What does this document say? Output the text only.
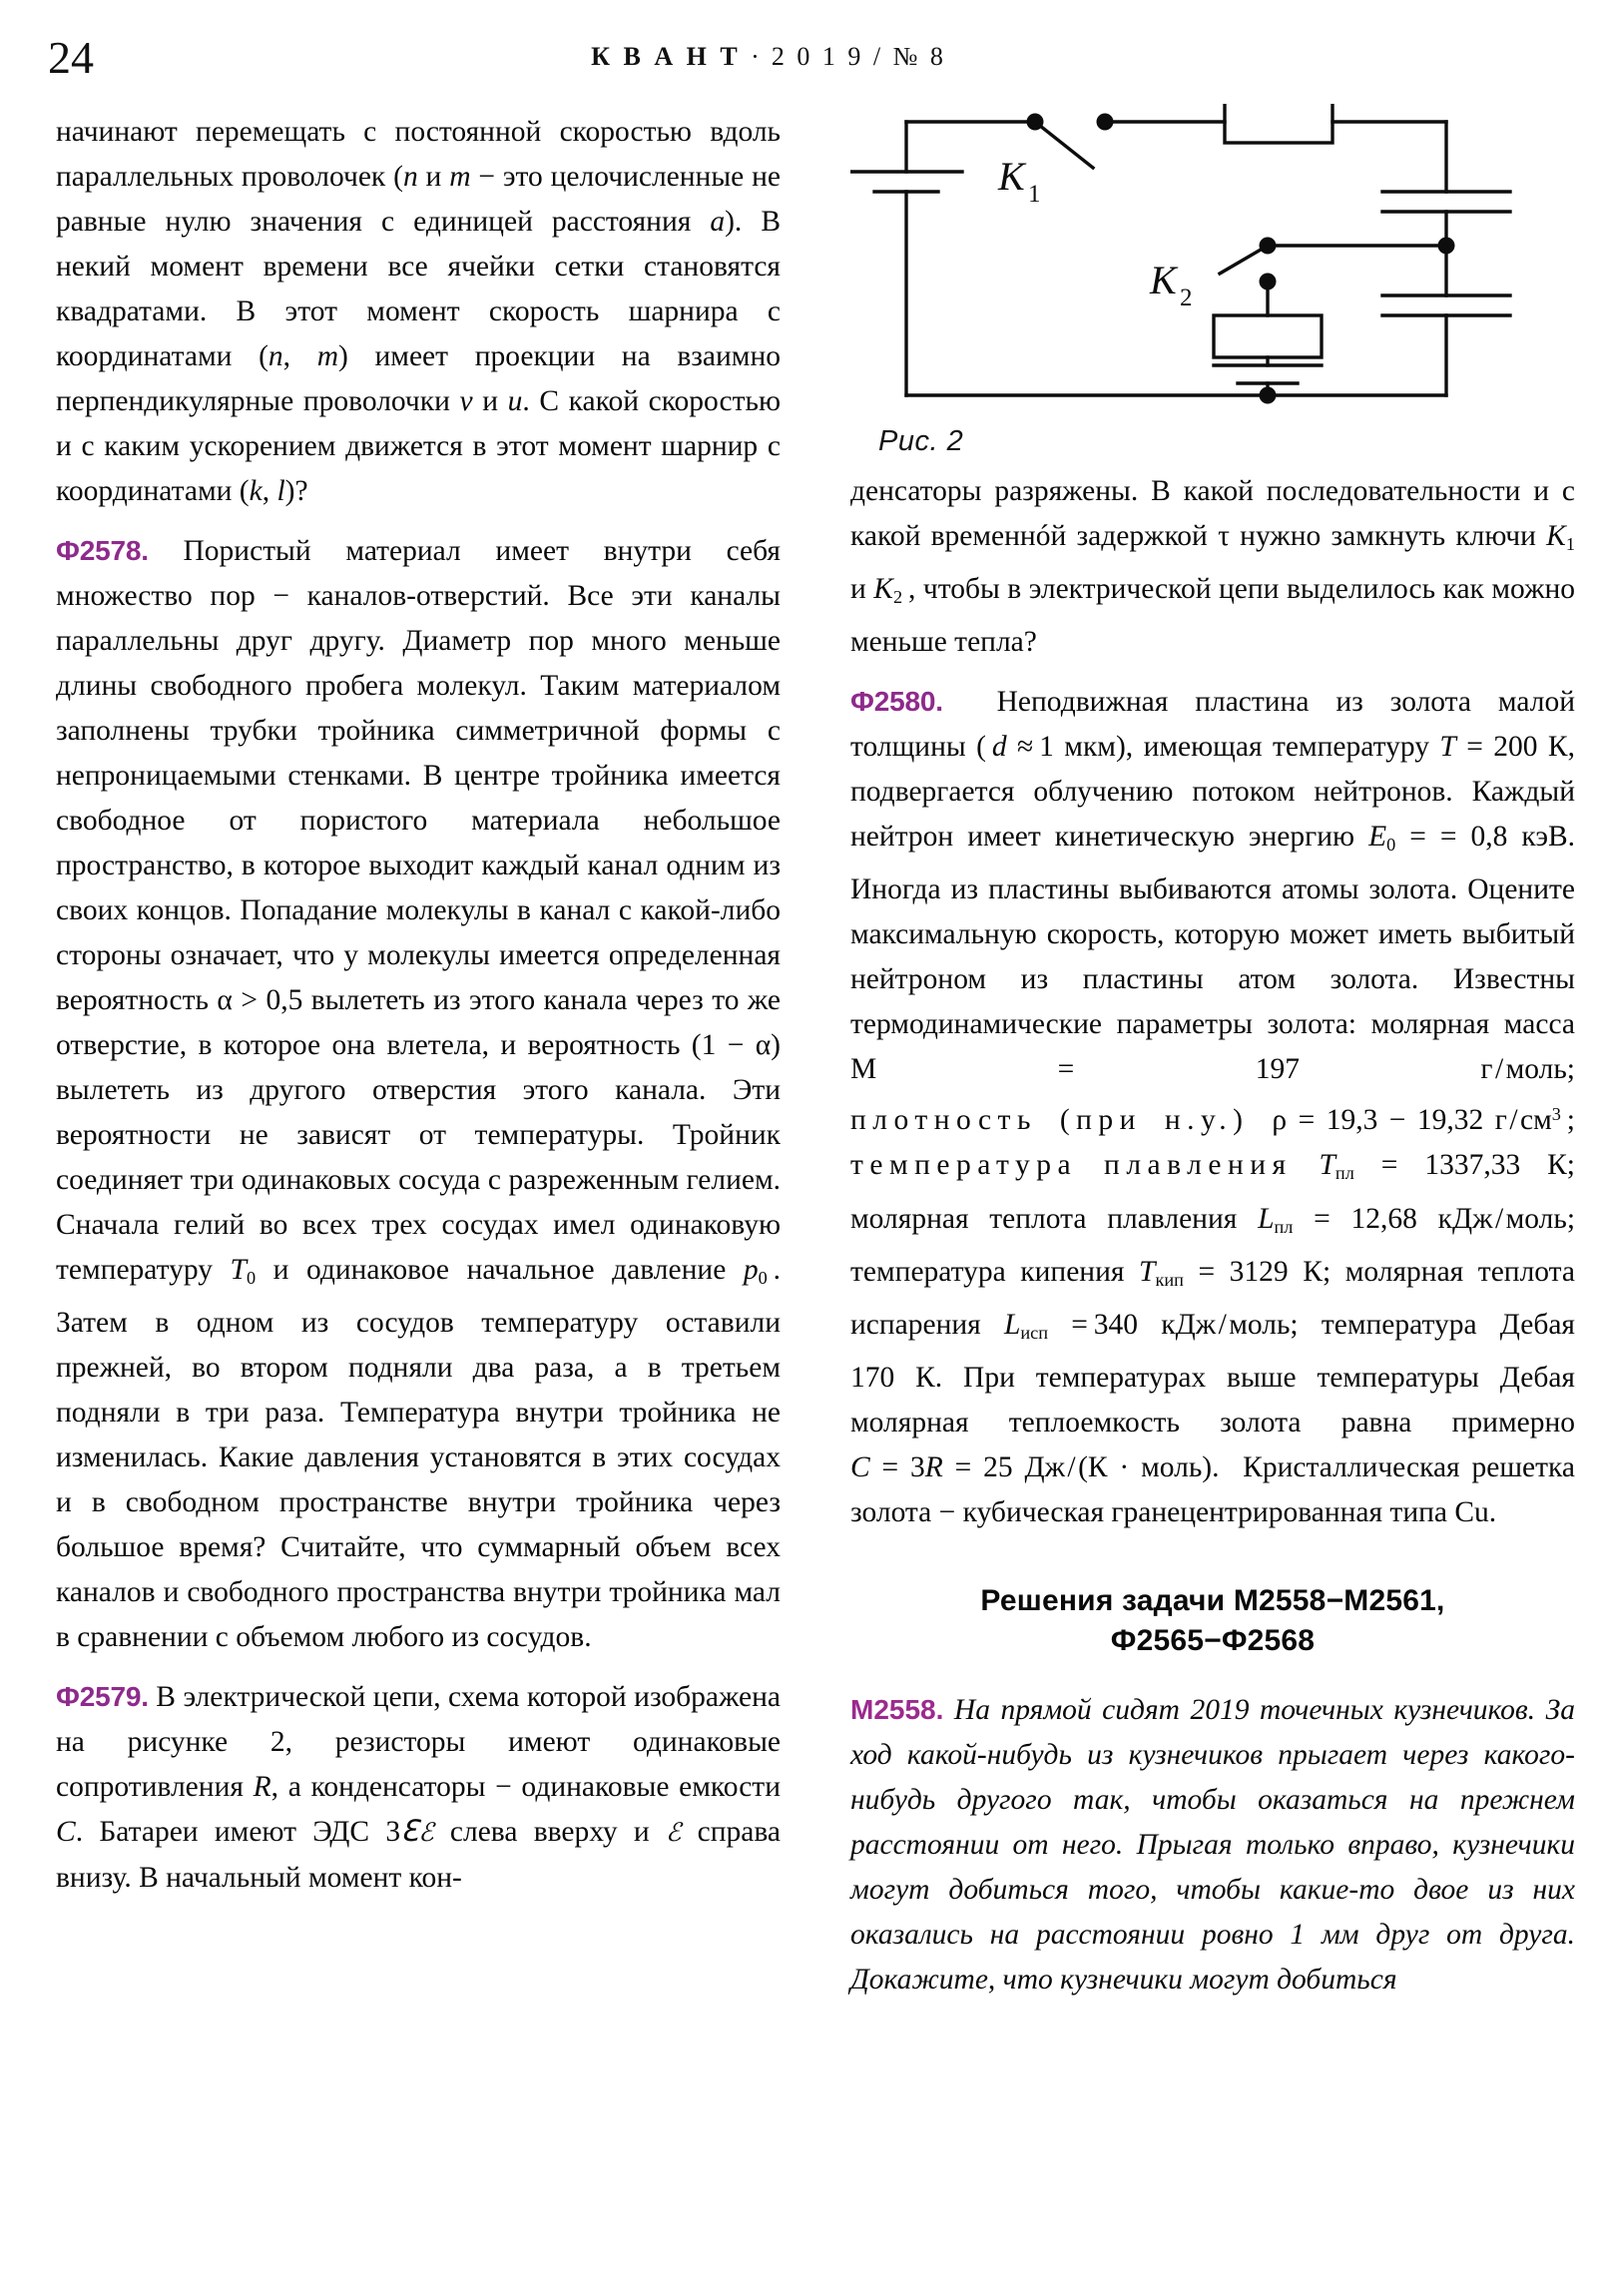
24	К В А Н Т · 2 0 1 9 / № 8
K 1
K 2
Рис. 2

начинают перемещать с постоянной скоростью вдоль параллельных проволочек (n и m − это целочисленные не равные нулю значения с единицей расстояния a). В некий момент времени все ячейки сетки становятся квадратами. В этот момент скорость шарнира с координатами (n, m) имеет проекции на взаимно перпендикулярные проволочки v и u. С какой скоростью и с каким ускорением движется в этот момент шарнир с координатами (k, l)?

Ф2578. Пористый материал имеет внутри себя множество пор − каналов-отверстий. Все эти каналы параллельны друг другу. Диаметр пор много меньше длины свободного пробега молекул. Таким материалом заполнены трубки тройника симметричной формы с непроницаемыми стенками. В центре тройника имеется свободное от пористого материала небольшое пространство, в которое выходит каждый канал одним из своих концов. Попадание молекулы в канал с какой-либо стороны означает, что у молекулы имеется определенная вероятность α > 0,5 вылететь из этого канала через то же отверстие, в которое она влетела, и вероятность (1 − α) вылететь из другого отверстия этого канала. Эти вероятности не зависят от температуры. Тройник соединяет три одинаковых сосуда с разреженным гелием. Сначала гелий во всех трех сосудах имел одинаковую температуру $T_0$ и одинаковое начальное давление $p_0$ . Затем в одном из сосудов температуру оставили прежней, во втором подняли два раза, а в третьем подняли в три раза. Температура внутри тройника не изменилась. Какие давления установятся в этих сосудах и в свободном пространстве внутри тройника через большое время? Считайте, что суммарный объем всех каналов и свободного пространства внутри тройника мал в сравнении с объемом любого из сосудов.

Ф2579. В электрической цепи, схема которой изображена на рисунке 2, резисторы имеют одинаковые сопротивления R, а конденсаторы − одинаковые емкости C. Батареи имеют ЭДС 3ℇℰ слева вверху и ℰ справа внизу. В начальный момент кон-

денсаторы разряжены. В какой последовательности и с какой временнóй задержкой τ нужно замкнуть ключи $K_1$ и $K_2$ , чтобы в электрической цепи выделилось как можно меньше тепла?

Ф2580.  Неподвижная пластина из золота малой толщины ( d ≈ 1 мкм), имеющая температуру T = 200 К, подвергается облучению потоком нейтронов. Каждый нейтрон имеет кинетическую энергию $E_0$ = = 0,8 кэВ. Иногда из пластины выбиваются атомы золота. Оцените максимальную скорость, которую может иметь выбитый нейтроном из пластины атом золота. Известны термодинамические параметры золота: молярная масса М = 197	г / моль; плотность (при н.у.) ρ = 19,3 − 19,32 г / $см^3$ ; температура плавления $T_{пл} = 1337,33$ К; молярная теплота плавления $L_{пл} = 12,68$ кДж / моль; температура кипения $T_{кип} = 3129$ К; молярная теплота испарения $L_{исп} = 340$ кДж / моль; температура Дебая 170 К. При температурах выше температуры Дебая молярная теплоемкость золота равна примерно C = 3R = 25 Дж / (К · моль).  Кристаллическая решетка золота − кубическая гранецентрированная типа Cu.

Решения задачи М2558−М2561,
Ф2565−Ф2568

М2558. На прямой сидят 2019 точечных кузнечиков. За ход какой-нибудь из кузнечиков прыгает через какого-нибудь другого так, чтобы оказаться на прежнем расстоянии от него. Прыгая только вправо, кузнечики могут добиться того, чтобы какие-то двое из них оказались на расстоянии ровно 1 мм друг от друга. Докажите, что кузнечики могут добиться
